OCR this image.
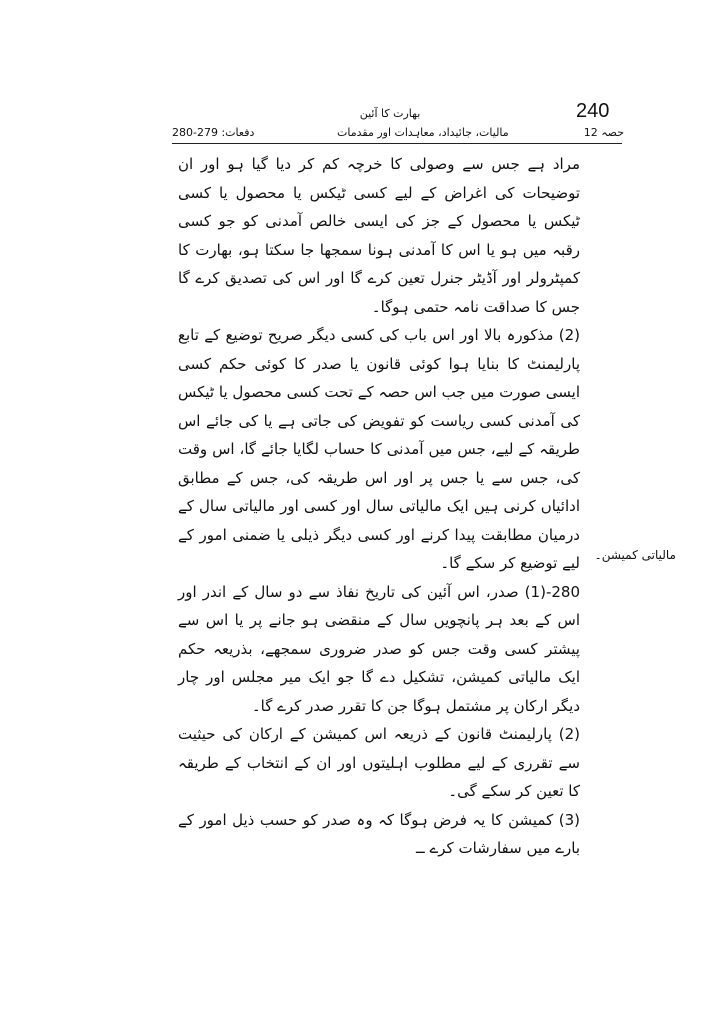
240
بھارت کا آئین
حصہ 12
مالیات، جائیداد، معاہدات اور مقدمات
دفعات: 279-280

مراد ہے جس سے وصولی کا خرچہ کم کر دیا گیا ہو اور ان توضیحات کی اغراض کے لیے کسی ٹیکس یا محصول یا کسی ٹیکس یا محصول کے جز کی ایسی خالص آمدنی کو جو کسی رقبہ میں ہو یا اس کا آمدنی ہونا سمجھا جا سکتا ہو، بھارت کا کمپٹرولر اور آڈیٹر جنرل تعین کرے گا اور اس کی تصدیق کرے گا جس کا صداقت نامہ حتمی ہوگا۔

(2) مذکورہ بالا اور اس باب کی کسی دیگر صریح توضیع کے تابع پارلیمنٹ کا بنایا ہوا کوئی قانون یا صدر کا کوئی حکم کسی ایسی صورت میں جب اس حصہ کے تحت کسی محصول یا ٹیکس کی آمدنی کسی ریاست کو تفویض کی جاتی ہے یا کی جائے اس طریقہ کے لیے، جس میں آمدنی کا حساب لگایا جائے گا، اس وقت کی، جس سے یا جس پر اور اس طریقہ کی، جس کے مطابق ادائیاں کرنی ہیں ایک مالیاتی سال اور کسی اور مالیاتی سال کے درمیان مطابقت پیدا کرنے اور کسی دیگر ذیلی یا ضمنی امور کے لیے توضیع کر سکے گا۔

280-(1) صدر، اس آئین کی تاریخ نفاذ سے دو سال کے اندر اور اس کے بعد ہر پانچویں سال کے منقضی ہو جانے پر یا اس سے پیشتر کسی وقت جس کو صدر ضروری سمجھے، بذریعہ حکم ایک مالیاتی کمیشن، تشکیل دے گا جو ایک میر مجلس اور چار دیگر ارکان پر مشتمل ہوگا جن کا تقرر صدر کرے گا۔

(2) پارلیمنٹ قانون کے ذریعہ اس کمیشن کے ارکان کی حیثیت سے تقرری کے لیے مطلوب اہلیتوں اور ان کے انتخاب کے طریقہ کا تعین کر سکے گی۔

(3) کمیشن کا یہ فرض ہوگا کہ وہ صدر کو حسب ذیل امور کے بارے میں سفارشات کرے ــ

مالیاتی کمیشن۔
